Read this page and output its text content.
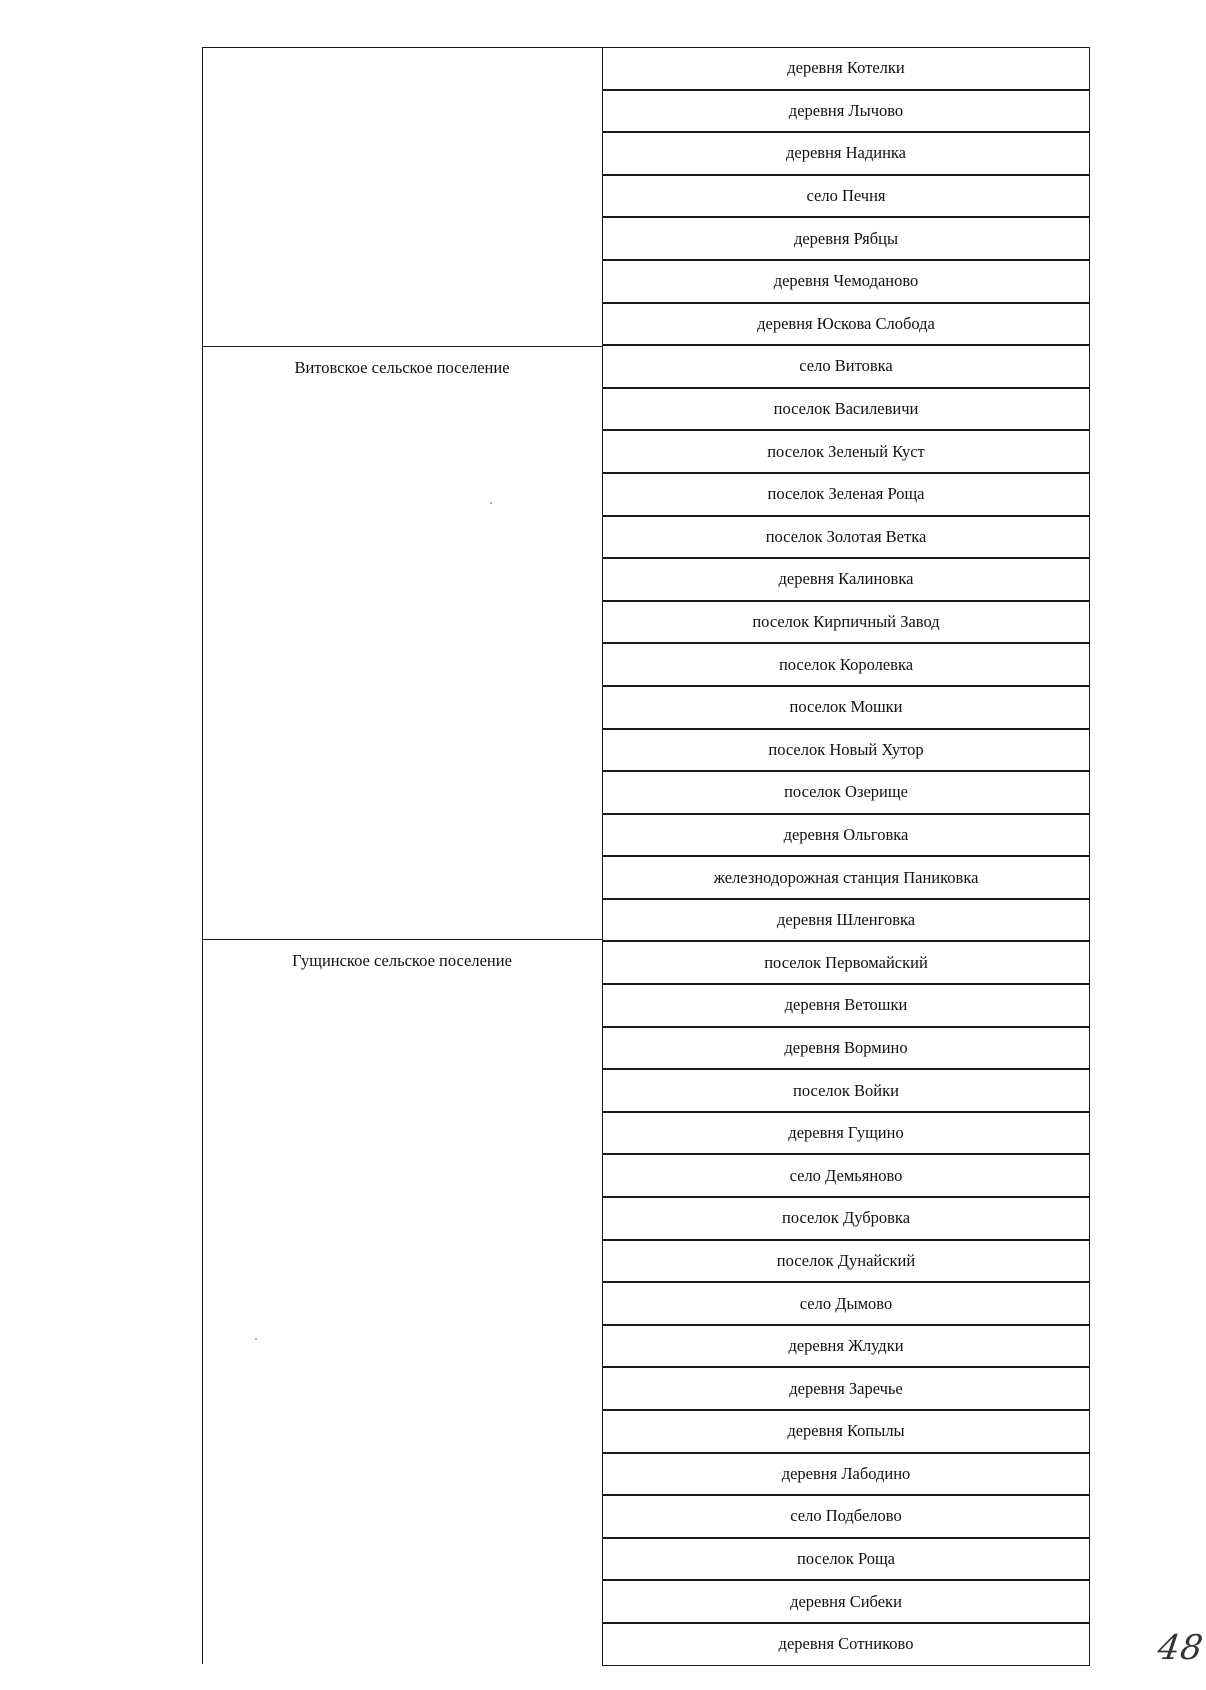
Витовское сельское поселение
Гущинское сельское поселение
деревня Котелки
деревня Лычово
деревня Надинка
село Печня
деревня Рябцы
деревня Чемоданово
деревня Юскова Слобода
село Витовка
поселок Василевичи
поселок Зеленый Куст
поселок Зеленая Роща
поселок Золотая Ветка
деревня Калиновка
поселок Кирпичный Завод
поселок Королевка
поселок Мошки
поселок Новый Хутор
поселок Озерище
деревня Ольговка
железнодорожная станция Паниковка
деревня Шленговка
поселок Первомайский
деревня Ветошки
деревня Вормино
поселок Войки
деревня Гущино
село Демьяново
поселок Дубровка
поселок Дунайский
село Дымово
деревня Жлудки
деревня Заречье
деревня Копылы
деревня Лабодино
село Подбелово
поселок Роща
деревня Сибеки
деревня Сотниково	48
